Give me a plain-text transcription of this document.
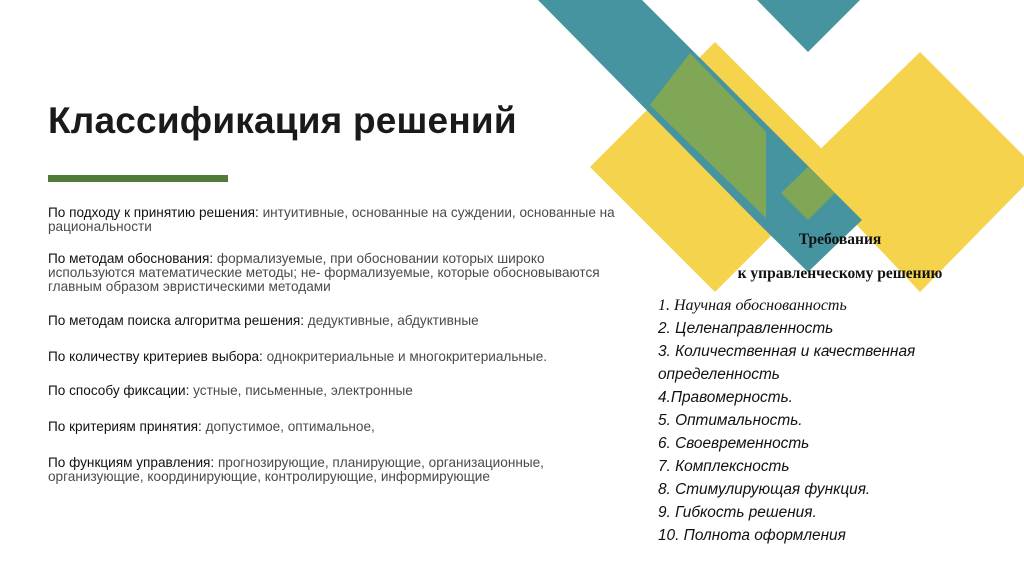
Классификация решений
По подходу к принятию решения: интуитивные, основанные на суждении, основанные на рациональности
По методам обоснования: формализуемые, при обосновании которых широко используются математические методы; не- формализуемые, которые обосновываются главным образом эвристическими методами
По методам поиска алгоритма решения: дедуктивные, абдуктивные
По количеству критериев выбора: однокритериальные и многокритериальные.
По способу фиксации: устные, письменные, электронные
По критериям принятия: допустимое, оптимальное,
По функциям управления: прогнозирующие, планирующие, организационные, организующие, координирующие, контролирующие, информирующие
Требования
к управленческому решению
1. Научная обоснованность
2. Целенаправленность
3. Количественная и качественная
определенность
4.Правомерность.
5. Оптимальность.
6. Своевременность
7. Комплексность
8. Стимулирующая функция.
9. Гибкость решения.
10. Полнота оформления
